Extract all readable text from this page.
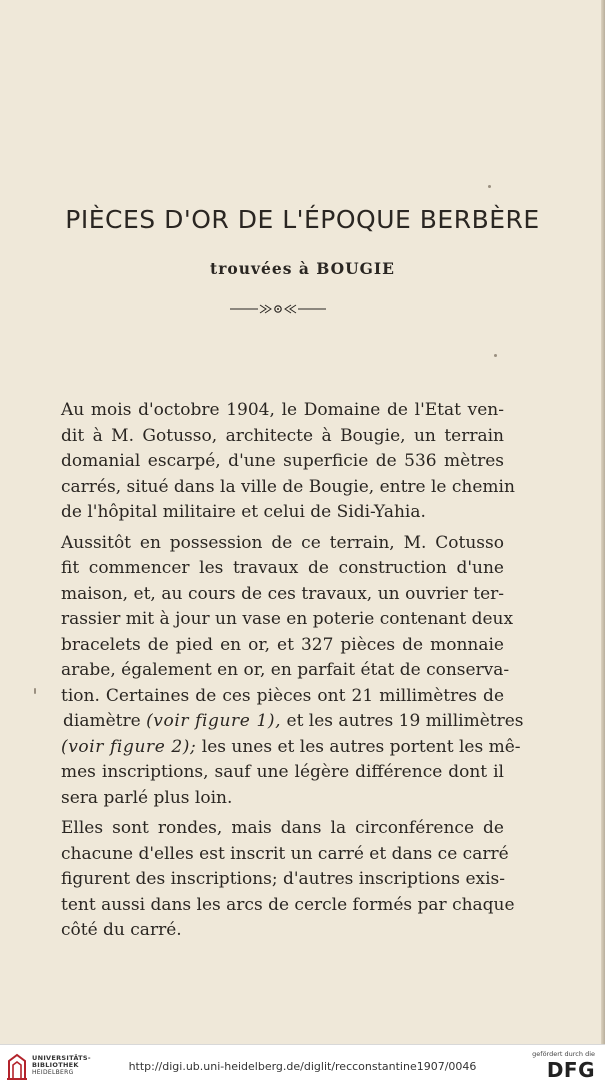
PIÈCES D'OR DE L'ÉPOQUE BERBÈRE
trouvées à BOUGIE
Au mois d'octobre 1904, le Domaine de l'Etat ven-
dit à M. Gotusso, architecte à Bougie, un terrain
domanial escarpé, d'une superficie de 536 mètres
carrés, situé dans la ville de Bougie, entre le chemin
de l'hôpital militaire et celui de Sidi-Yahia.
Aussitôt en possession de ce terrain, M. Cotusso
fit commencer les travaux de construction d'une
maison, et, au cours de ces travaux, un ouvrier ter-
rassier mit à jour un vase en poterie contenant deux
bracelets de pied en or, et 327 pièces de monnaie
arabe, également en or, en parfait état de conserva-
tion. Certaines de ces pièces ont 21 millimètres de
diamètre (voir figure 1), et les autres 19 millimètres
(voir figure 2); les unes et les autres portent les mê-
mes inscriptions, sauf une légère différence dont il
sera parlé plus loin.
Elles sont rondes, mais dans la circonférence de
chacune d'elles est inscrit un carré et dans ce carré
figurent des inscriptions; d'autres inscriptions exis-
tent aussi dans les arcs de cercle formés par chaque
côté du carré.
UNIVERSITÄTS-
BIBLIOTHEK
HEIDELBERG	http://digi.ub.uni-heidelberg.de/diglit/recconstantine1907/0046
gefördert durch die
DFG
